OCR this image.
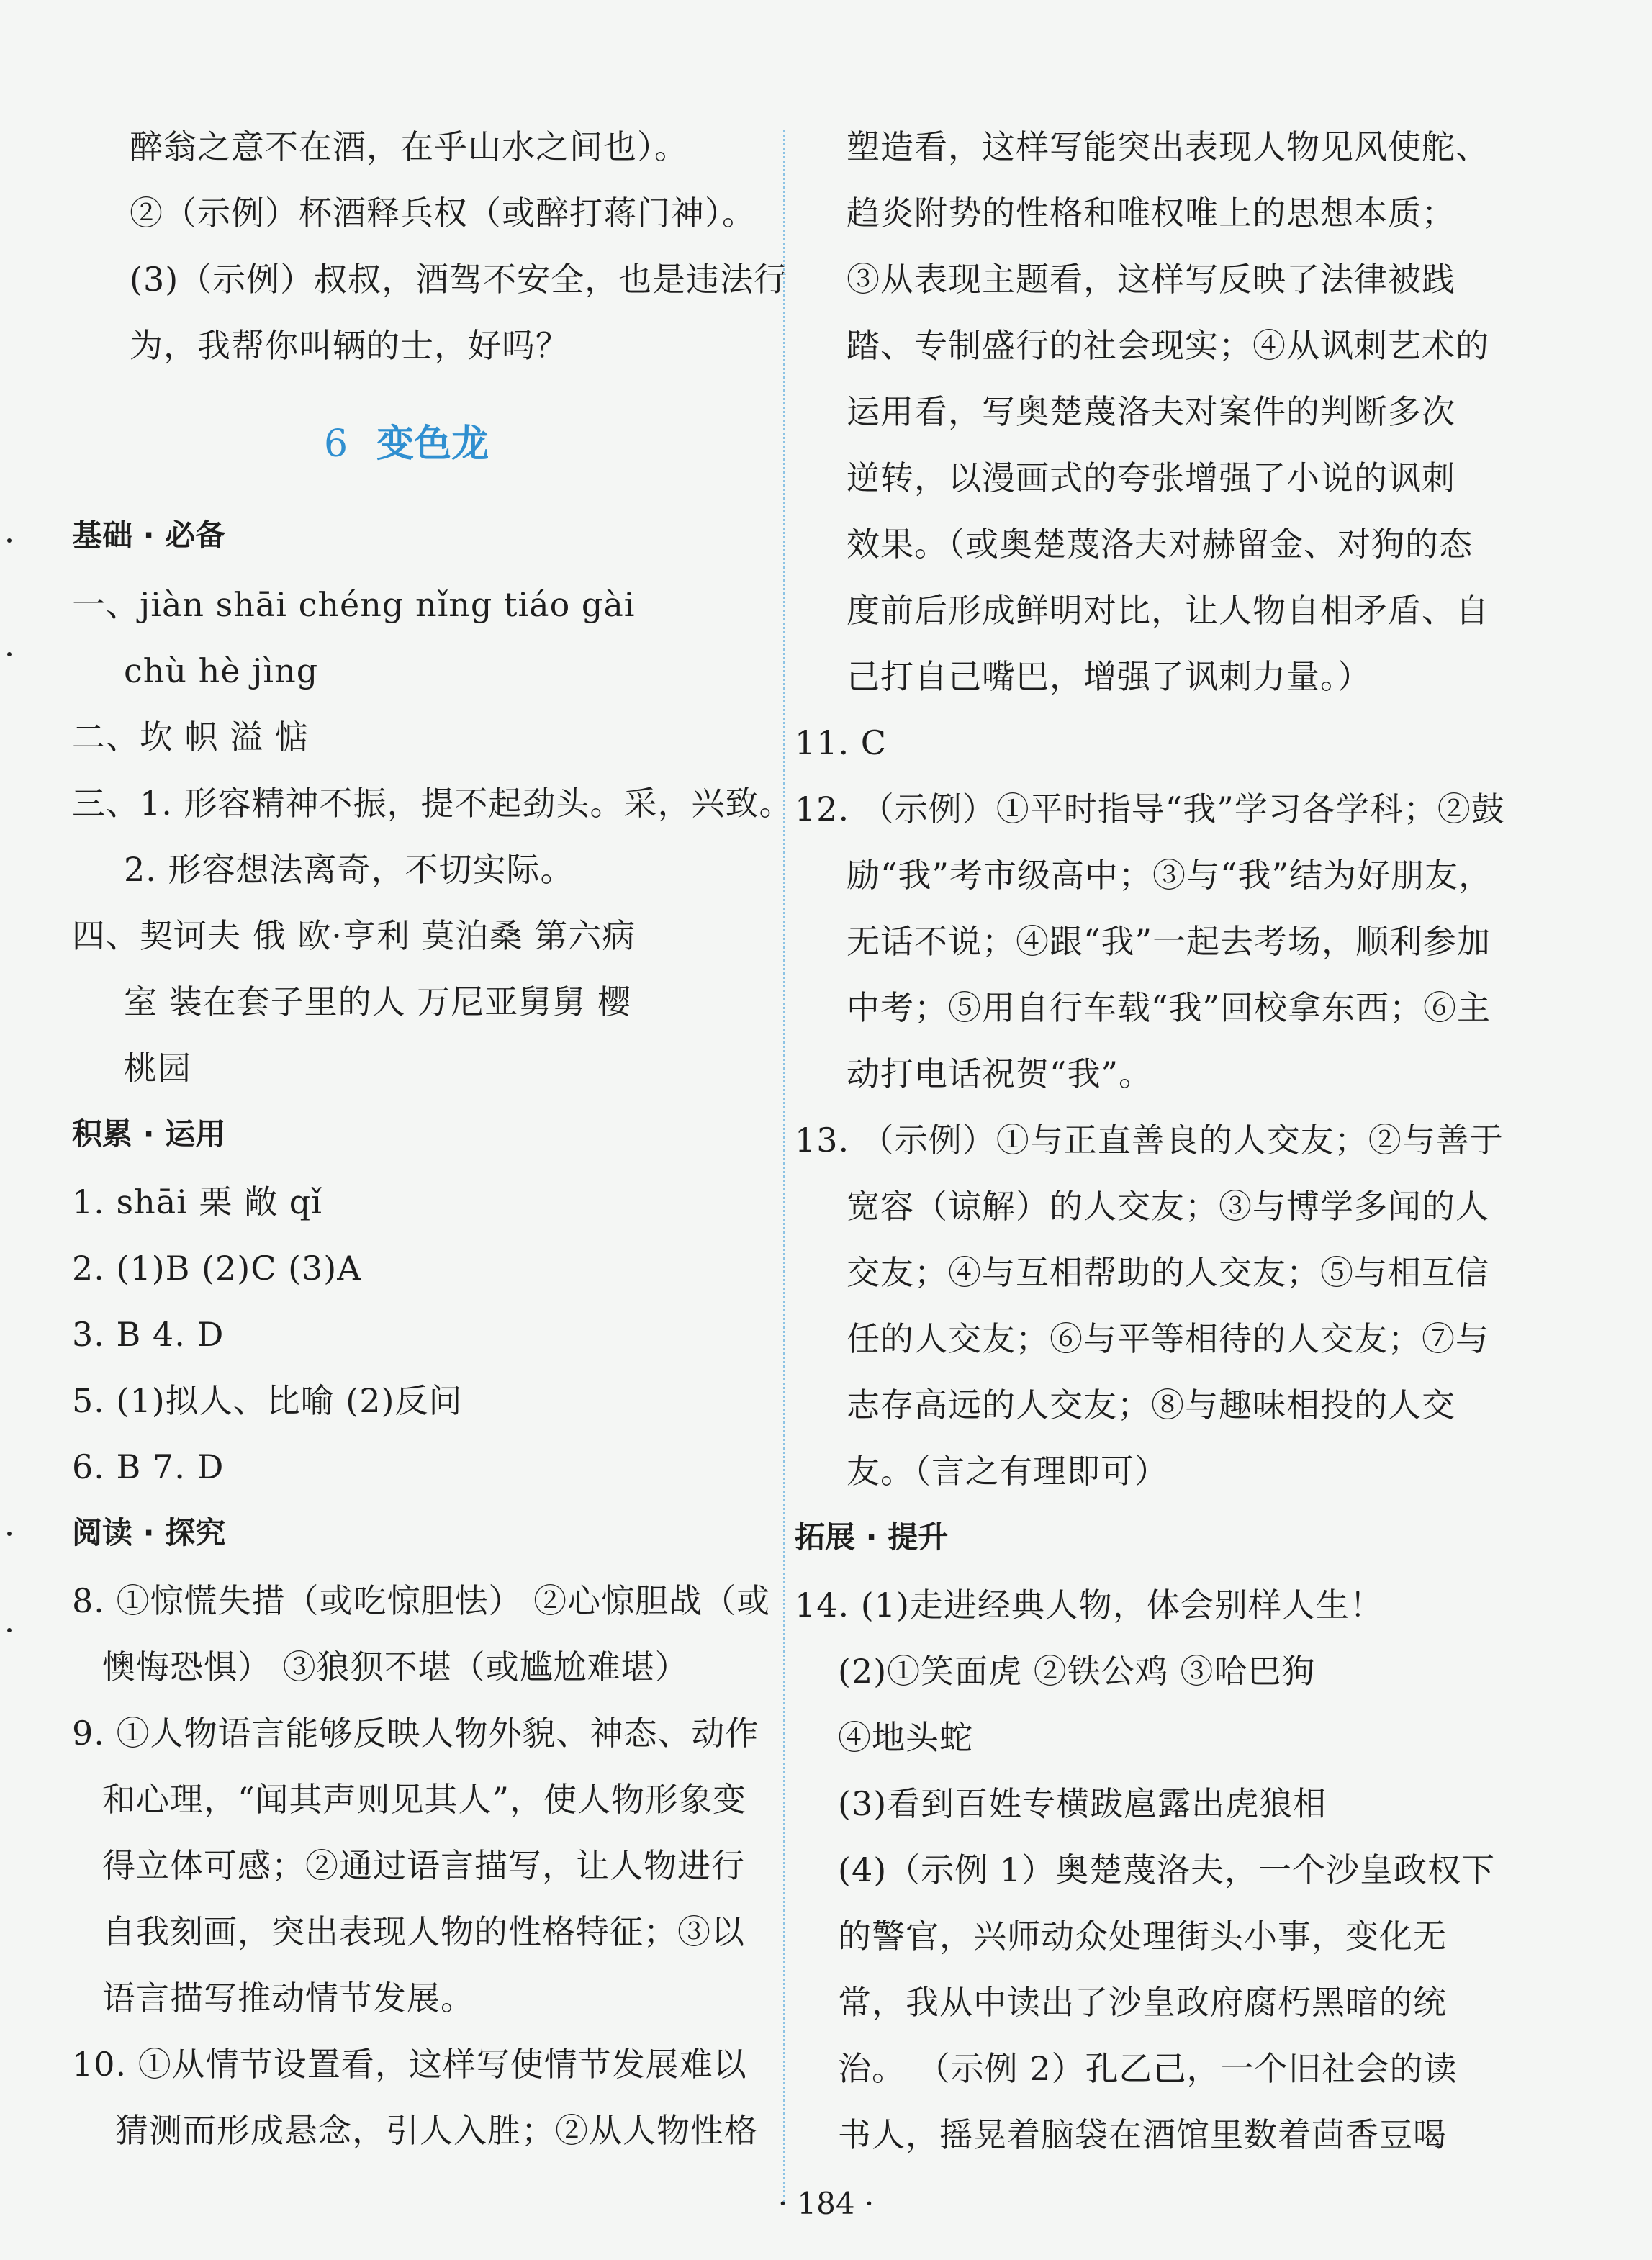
6 变色龙
醉翁之意不在酒，在乎山水之间也）。
②（示例）杯酒释兵权（或醉打蒋门神）。
(3)（示例）叔叔，酒驾不安全，也是违法行
为，我帮你叫辆的士，好吗？
基础 · 必备
一、jiàn shāi chéng nǐng tiáo gài
chù hè jìng
二、坎 帜 溢 惦
三、1. 形容精神不振，提不起劲头。采，兴致。
2. 形容想法离奇，不切实际。
四、契诃夫 俄 欧·亨利 莫泊桑 第六病
室 装在套子里的人 万尼亚舅舅 樱
桃园
积累 · 运用
1. shāi 栗 敞 qǐ
2. (1)B (2)C (3)A
3. B 4. D
5. (1)拟人、比喻 (2)反问
6. B 7. D
阅读 · 探究
8. ①惊慌失措（或吃惊胆怯） ②心惊胆战（或
懊悔恐惧） ③狼狈不堪（或尴尬难堪）
9. ①人物语言能够反映人物外貌、神态、动作
和心理，“闻其声则见其人”，使人物形象变
得立体可感；②通过语言描写，让人物进行
自我刻画，突出表现人物的性格特征；③以
语言描写推动情节发展。
10. ①从情节设置看，这样写使情节发展难以
猜测而形成悬念，引人入胜；②从人物性格
塑造看，这样写能突出表现人物见风使舵、
趋炎附势的性格和唯权唯上的思想本质；
③从表现主题看，这样写反映了法律被践
踏、专制盛行的社会现实；④从讽刺艺术的
运用看，写奥楚蔑洛夫对案件的判断多次
逆转，以漫画式的夸张增强了小说的讽刺
效果。（或奥楚蔑洛夫对赫留金、对狗的态
度前后形成鲜明对比，让人物自相矛盾、自
己打自己嘴巴，增强了讽刺力量。）
11. C
12. （示例）①平时指导“我”学习各学科；②鼓
励“我”考市级高中；③与“我”结为好朋友，
无话不说；④跟“我”一起去考场，顺利参加
中考；⑤用自行车载“我”回校拿东西；⑥主
动打电话祝贺“我”。
13. （示例）①与正直善良的人交友；②与善于
宽容（谅解）的人交友；③与博学多闻的人
交友；④与互相帮助的人交友；⑤与相互信
任的人交友；⑥与平等相待的人交友；⑦与
志存高远的人交友；⑧与趣味相投的人交
友。（言之有理即可）
拓展 · 提升
14. (1)走进经典人物，体会别样人生！
(2)①笑面虎 ②铁公鸡 ③哈巴狗
④地头蛇
(3)看到百姓专横跋扈露出虎狼相
(4)（示例 1）奥楚蔑洛夫，一个沙皇政权下
的警官，兴师动众处理街头小事，变化无
常，我从中读出了沙皇政府腐朽黑暗的统
治。 （示例 2）孔乙己，一个旧社会的读
书人，摇晃着脑袋在酒馆里数着茴香豆喝
· 184 ·
